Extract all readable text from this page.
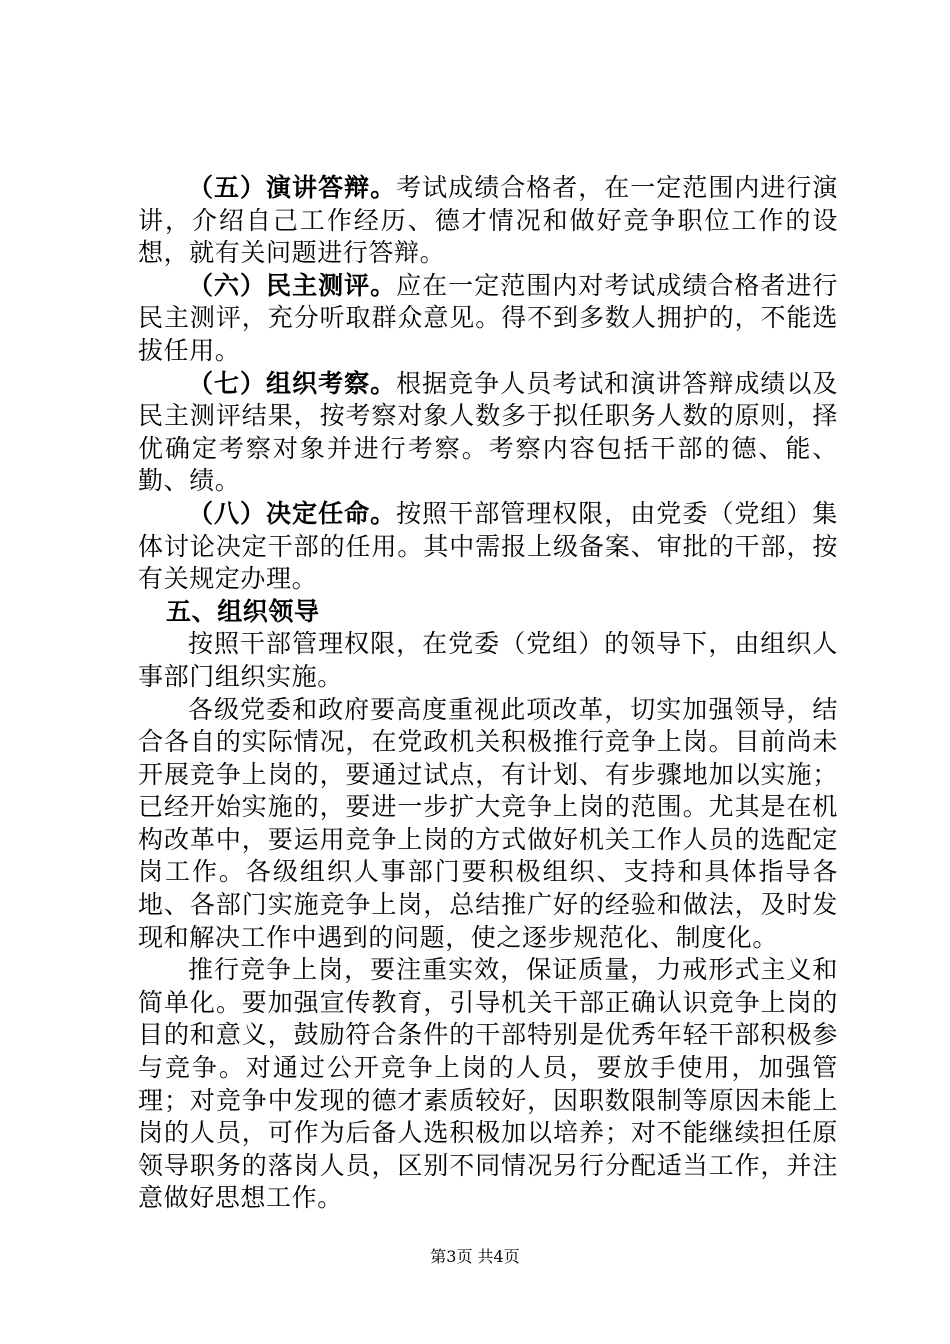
（五）演讲答辩。考试成绩合格者，在一定范围内进行演讲，介绍自己工作经历、德才情况和做好竞争职位工作的设想，就有关问题进行答辩。

（六）民主测评。应在一定范围内对考试成绩合格者进行民主测评，充分听取群众意见。得不到多数人拥护的，不能选拔任用。

（七）组织考察。根据竞争人员考试和演讲答辩成绩以及民主测评结果，按考察对象人数多于拟任职务人数的原则，择优确定考察对象并进行考察。考察内容包括干部的德、能、勤、绩。

（八）决定任命。按照干部管理权限，由党委（党组）集体讨论决定干部的任用。其中需报上级备案、审批的干部，按有关规定办理。

五、组织领导

按照干部管理权限，在党委（党组）的领导下，由组织人事部门组织实施。

各级党委和政府要高度重视此项改革，切实加强领导，结合各自的实际情况，在党政机关积极推行竞争上岗。目前尚未开展竞争上岗的，要通过试点，有计划、有步骤地加以实施；已经开始实施的，要进一步扩大竞争上岗的范围。尤其是在机构改革中，要运用竞争上岗的方式做好机关工作人员的选配定岗工作。各级组织人事部门要积极组织、支持和具体指导各地、各部门实施竞争上岗，总结推广好的经验和做法，及时发现和解决工作中遇到的问题，使之逐步规范化、制度化。

推行竞争上岗，要注重实效，保证质量，力戒形式主义和简单化。要加强宣传教育，引导机关干部正确认识竞争上岗的目的和意义，鼓励符合条件的干部特别是优秀年轻干部积极参与竞争。对通过公开竞争上岗的人员，要放手使用，加强管理；对竞争中发现的德才素质较好，因职数限制等原因未能上岗的人员，可作为后备人选积极加以培养；对不能继续担任原领导职务的落岗人员，区别不同情况另行分配适当工作，并注意做好思想工作。

第3页 共4页
